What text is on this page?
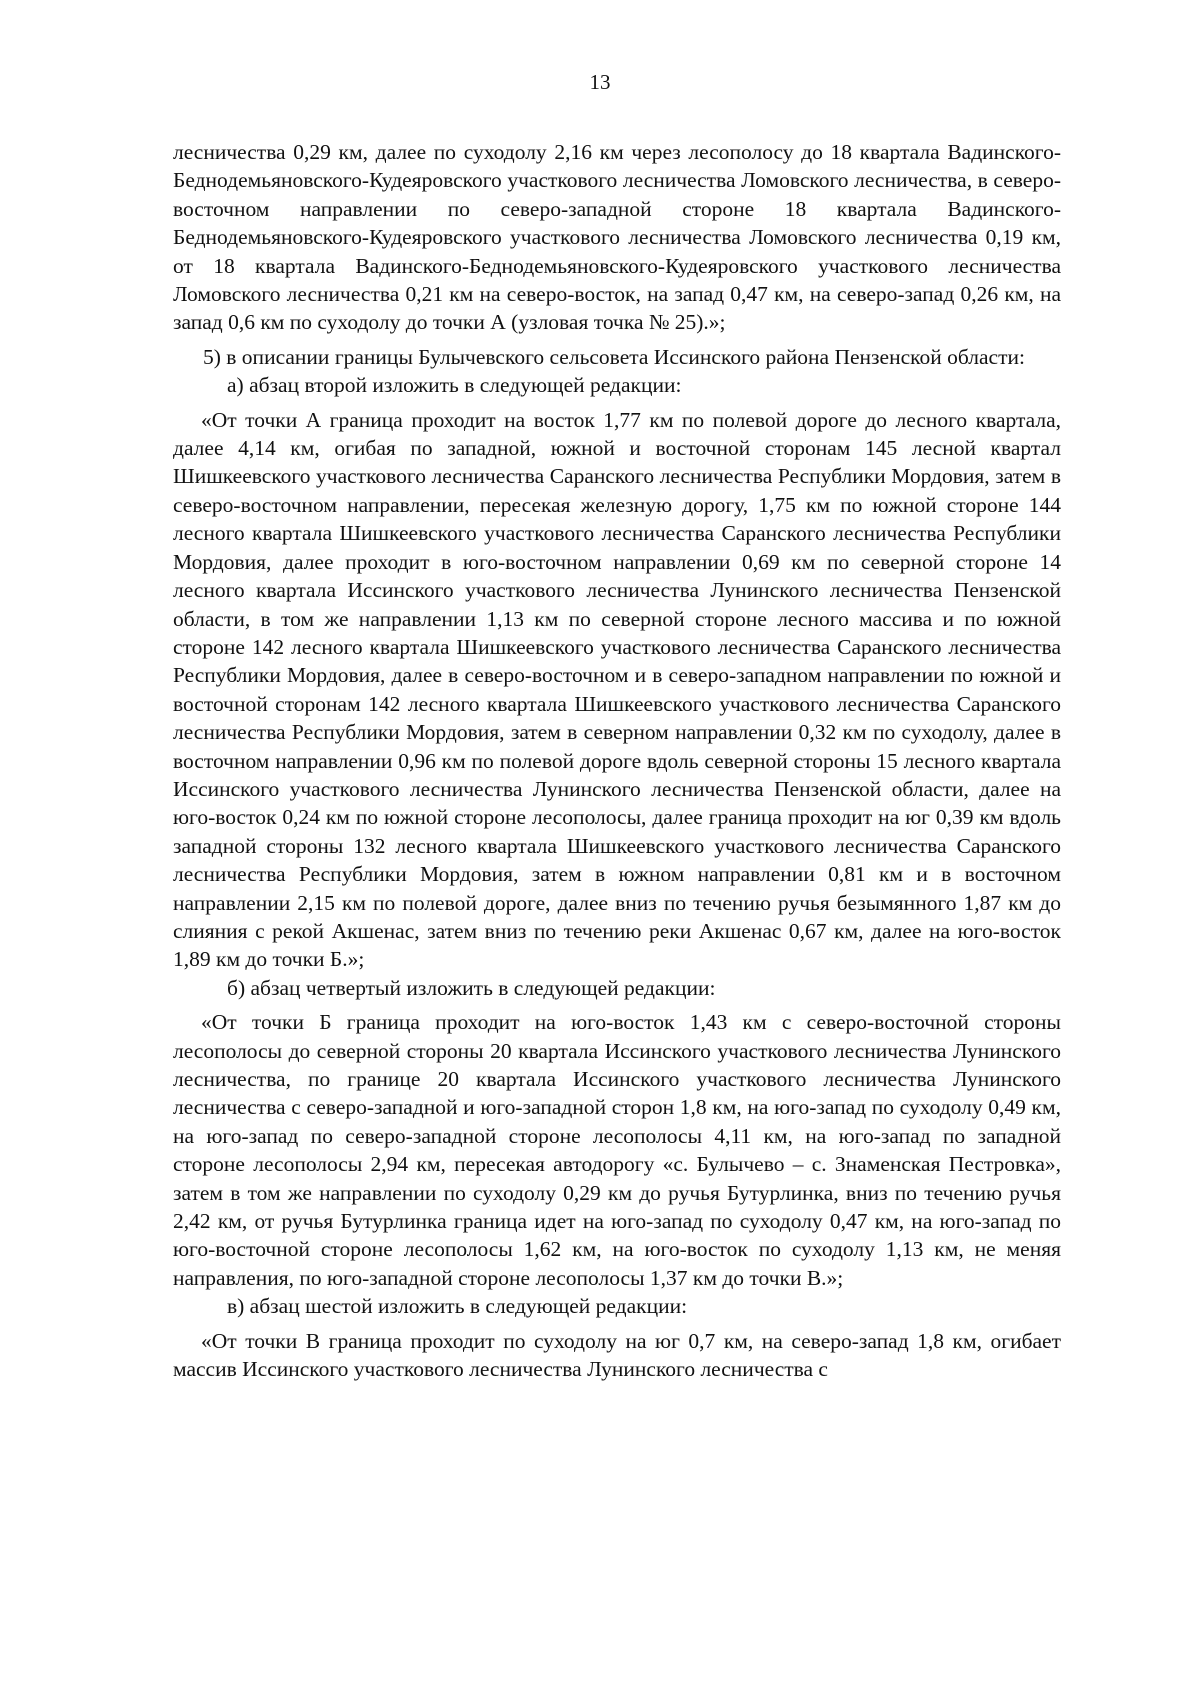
13

лесничества 0,29 км, далее по суходолу 2,16 км через лесополосу до 18 квартала Вадинского-Беднодемьяновского-Кудеяровского участкового лесничества Ломовского лесничества, в северо-восточном направлении по северо-западной стороне 18 квартала Вадинского-Беднодемьяновского-Кудеяровского участкового лесничества Ломовского лесничества 0,19 км, от 18 квартала Вадинского-Беднодемьяновского-Кудеяровского участкового лесничества Ломовского лесничества 0,21 км на северо-восток, на запад 0,47 км, на северо-запад 0,26 км, на запад 0,6 км по суходолу до точки А (узловая точка № 25).»;

5) в описании границы Булычевского сельсовета Иссинского района Пензенской области:

а) абзац второй изложить в следующей редакции:

«От точки А граница проходит на восток 1,77 км по полевой дороге до лесного квартала, далее 4,14 км, огибая по западной, южной и восточной сторонам 145 лесной квартал Шишкеевского участкового лесничества Саранского лесничества Республики Мордовия, затем в северо-восточном направлении, пересекая железную дорогу, 1,75 км по южной стороне 144 лесного квартала Шишкеевского участкового лесничества Саранского лесничества Республики Мордовия, далее проходит в юго-восточном направлении 0,69 км по северной стороне 14 лесного квартала Иссинского участкового лесничества Лунинского лесничества Пензенской области, в том же направлении 1,13 км по северной стороне лесного массива и по южной стороне 142 лесного квартала Шишкеевского участкового лесничества Саранского лесничества Республики Мордовия, далее в северо-восточном и в северо-западном направлении по южной и восточной сторонам 142 лесного квартала Шишкеевского участкового лесничества Саранского лесничества Республики Мордовия, затем в северном направлении 0,32 км по суходолу, далее в восточном направлении 0,96 км по полевой дороге вдоль северной стороны 15 лесного квартала Иссинского участкового лесничества Лунинского лесничества Пензенской области, далее на юго-восток 0,24 км по южной стороне лесополосы, далее граница проходит на юг 0,39 км вдоль западной стороны 132 лесного квартала Шишкеевского участкового лесничества Саранского лесничества Республики Мордовия, затем в южном направлении 0,81 км и в восточном направлении 2,15 км по полевой дороге, далее вниз по течению ручья безымянного 1,87 км до слияния с рекой Акшенас, затем вниз по течению реки Акшенас 0,67 км, далее на юго-восток 1,89 км до точки Б.»;

б) абзац четвертый изложить в следующей редакции:

«От точки Б граница проходит на юго-восток 1,43 км с северо-восточной стороны лесополосы до северной стороны 20 квартала Иссинского участкового лесничества Лунинского лесничества, по границе 20 квартала Иссинского участкового лесничества Лунинского лесничества с северо-западной и юго-западной сторон 1,8 км, на юго-запад по суходолу 0,49 км, на юго-запад по северо-западной стороне лесополосы 4,11 км, на юго-запад по западной стороне лесополосы 2,94 км, пересекая автодорогу «с. Булычево – с. Знаменская Пестровка», затем в том же направлении по суходолу 0,29 км до ручья Бутурлинка, вниз по течению ручья 2,42 км, от ручья Бутурлинка граница идет на юго-запад по суходолу 0,47 км, на юго-запад по юго-восточной стороне лесополосы 1,62 км, на юго-восток по суходолу 1,13 км, не меняя направления, по юго-западной стороне лесополосы 1,37 км до точки В.»;

в) абзац шестой изложить в следующей редакции:

«От точки В граница проходит по суходолу на юг 0,7 км, на северо-запад 1,8 км, огибает массив Иссинского участкового лесничества Лунинского лесничества с
